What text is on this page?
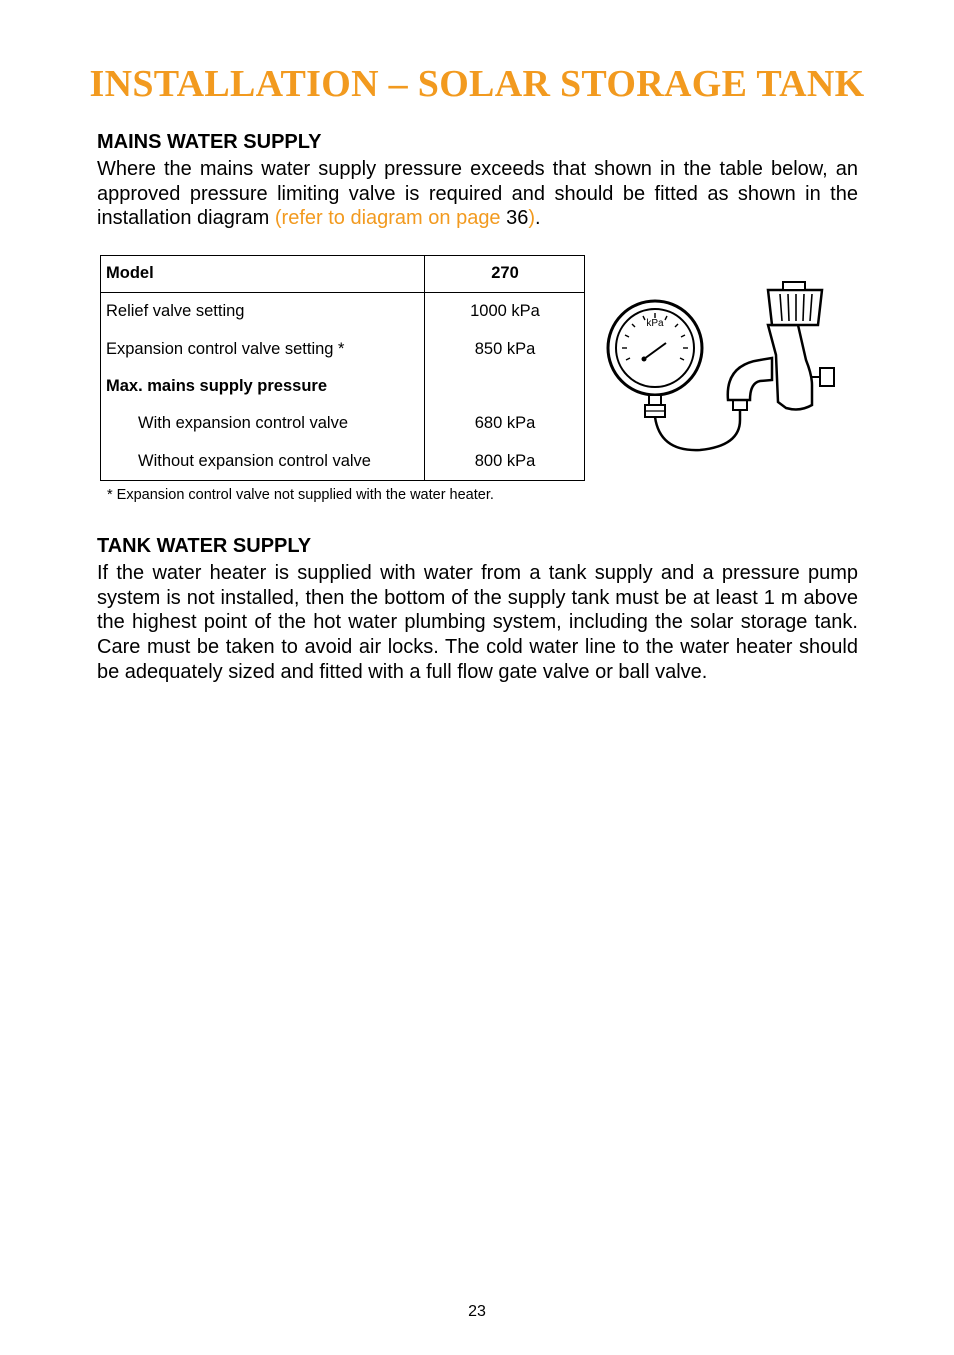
INSTALLATION – SOLAR STORAGE TANK
MAINS WATER SUPPLY

Where the mains water supply pressure exceeds that shown in the table below, an approved pressure limiting valve is required and should be fitted as shown in the installation diagram (refer to diagram on page 36).

Model	270
Relief valve setting	1000 kPa
Expansion control valve setting *	850 kPa
Max. mains supply pressure	
With expansion control valve	680 kPa
Without expansion control valve	800 kPa

* Expansion control valve not supplied with the water heater.

kPa
TANK WATER SUPPLY

If the water heater is supplied with water from a tank supply and a pressure pump system is not installed, then the bottom of the supply tank must be at least 1 m above the highest point of the hot water plumbing system, including the solar storage tank. Care must be taken to avoid air locks. The cold water line to the water heater should be adequately sized and fitted with a full flow gate valve or ball valve.

23
